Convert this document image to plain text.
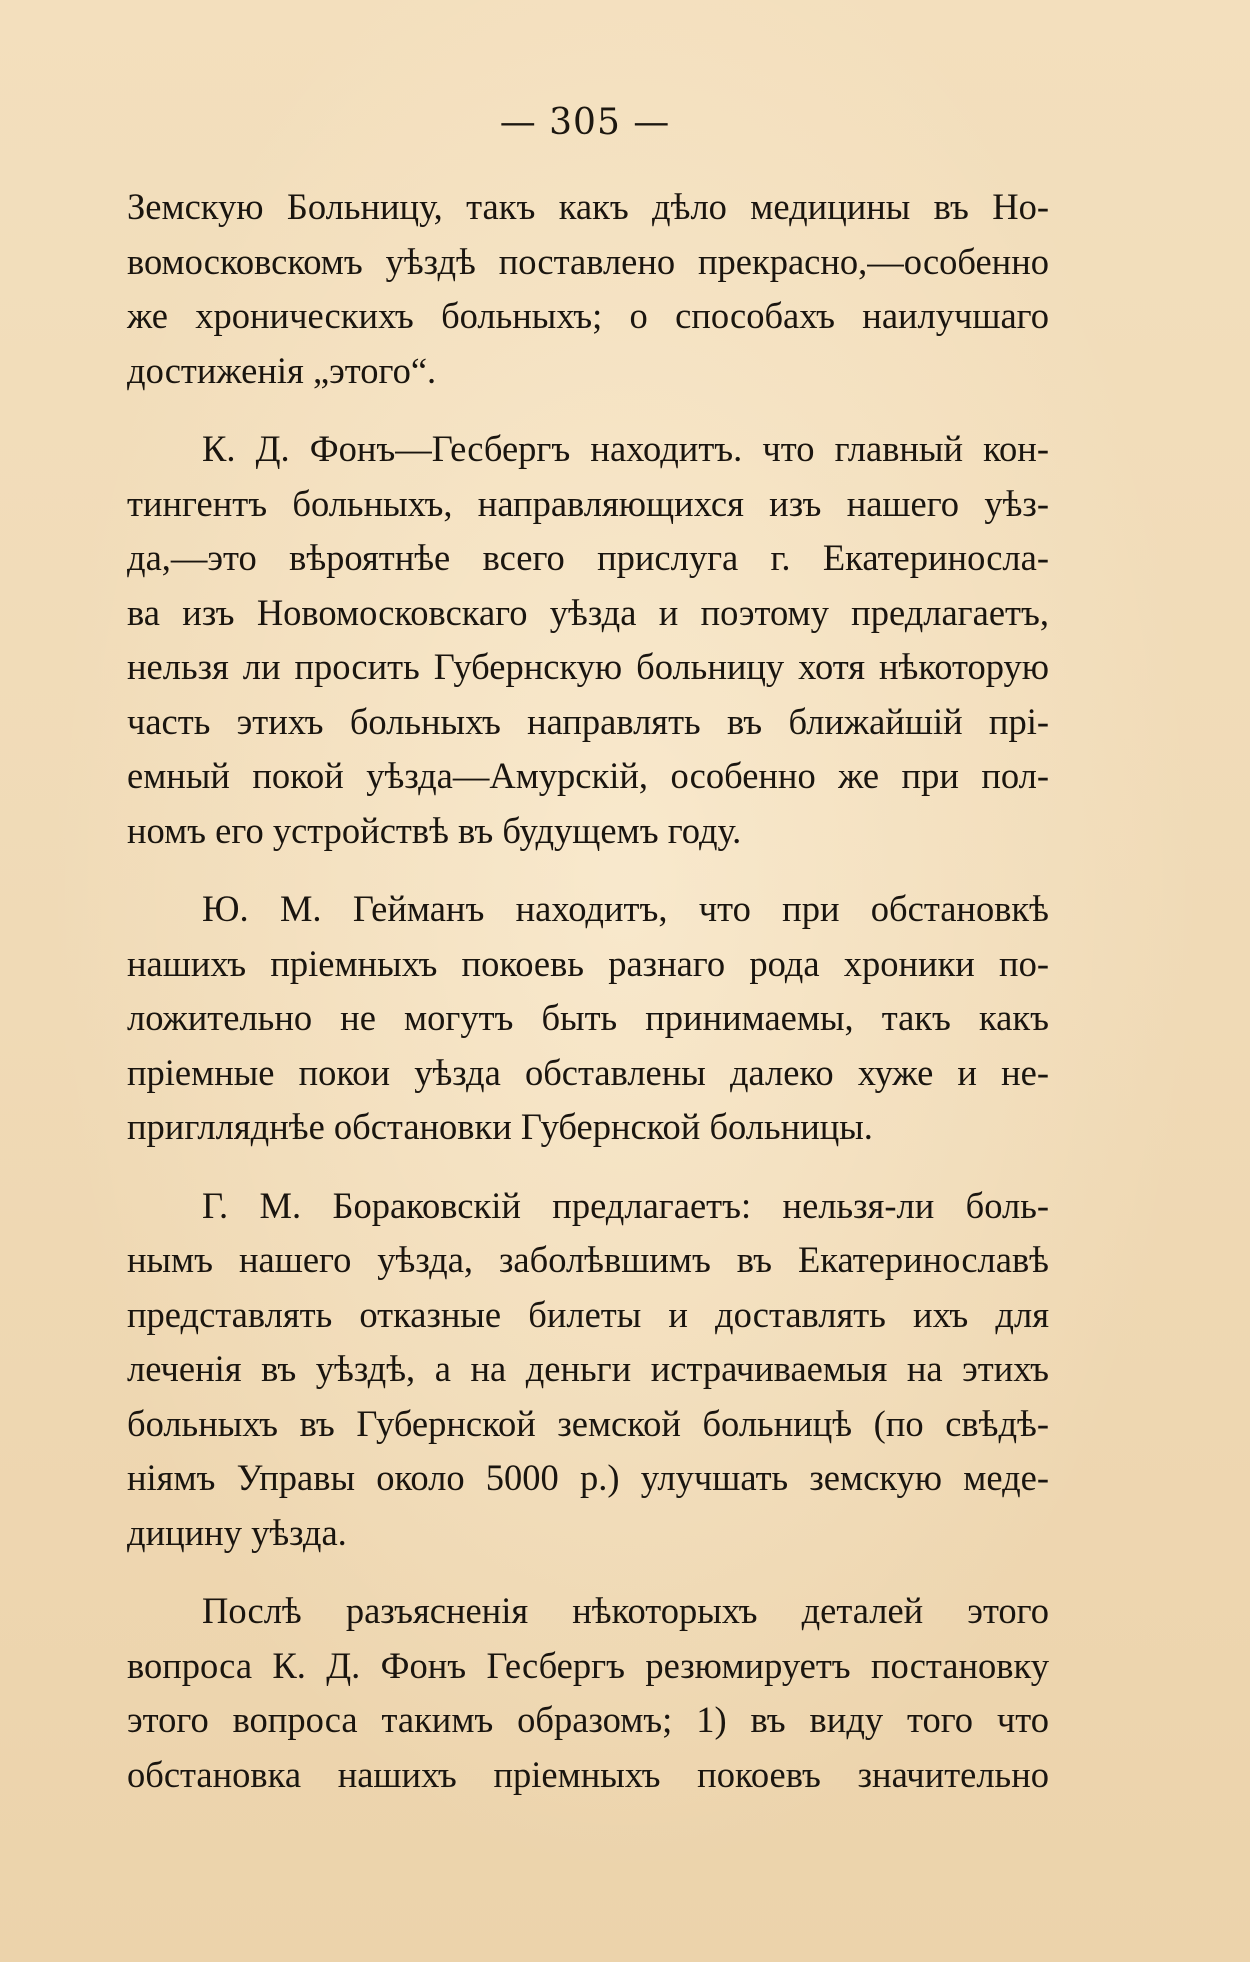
— 305 —
Земскую Больницу, такъ какъ дѣло медицины въ Но-
вомосковскомъ уѣздѣ поставлено прекрасно,—особенно
же хроническихъ больныхъ; о способахъ наилучшаго
достиженія „этого“.
К. Д. Фонъ—Гесбергъ находитъ. что главный кон-
тингентъ больныхъ, направляющихся изъ нашего уѣз-
да,—это вѣроятнѣе всего прислуга г. Екатериносла-
ва изъ Новомосковскаго уѣзда и поэтому предлагаетъ,
нельзя ли просить Губернскую больницу хотя нѣкоторую
часть этихъ больныхъ направлять въ ближайшій прі-
емный покой уѣзда—Амурскій, особенно же при пол-
номъ его устройствѣ въ будущемъ году.
Ю. М. Гейманъ находитъ, что при обстановкѣ
нашихъ пріемныхъ покоевь разнаго рода хроники по-
ложительно не могутъ быть принимаемы, такъ какъ
пріемные покои уѣзда обставлены далеко хуже и не-
приглляднѣе обстановки Губернской больницы.
Г. М. Бораковскій предлагаетъ: нельзя-ли боль-
нымъ нашего уѣзда, заболѣвшимъ въ Екатеринославѣ
представлять отказные билеты и доставлять ихъ для
леченія въ уѣздѣ, а на деньги истрачиваемыя на этихъ
больныхъ въ Губернской земской больницѣ (по свѣдѣ-
ніямъ Управы около 5000 р.) улучшать земскую меде-
дицину уѣзда.
Послѣ разъясненія нѣкоторыхъ деталей этого
вопроса К. Д. Фонъ Гесбергъ резюмируетъ постановку
этого вопроса такимъ образомъ; 1) въ виду того что
обстановка нашихъ пріемныхъ покоевъ значительно
